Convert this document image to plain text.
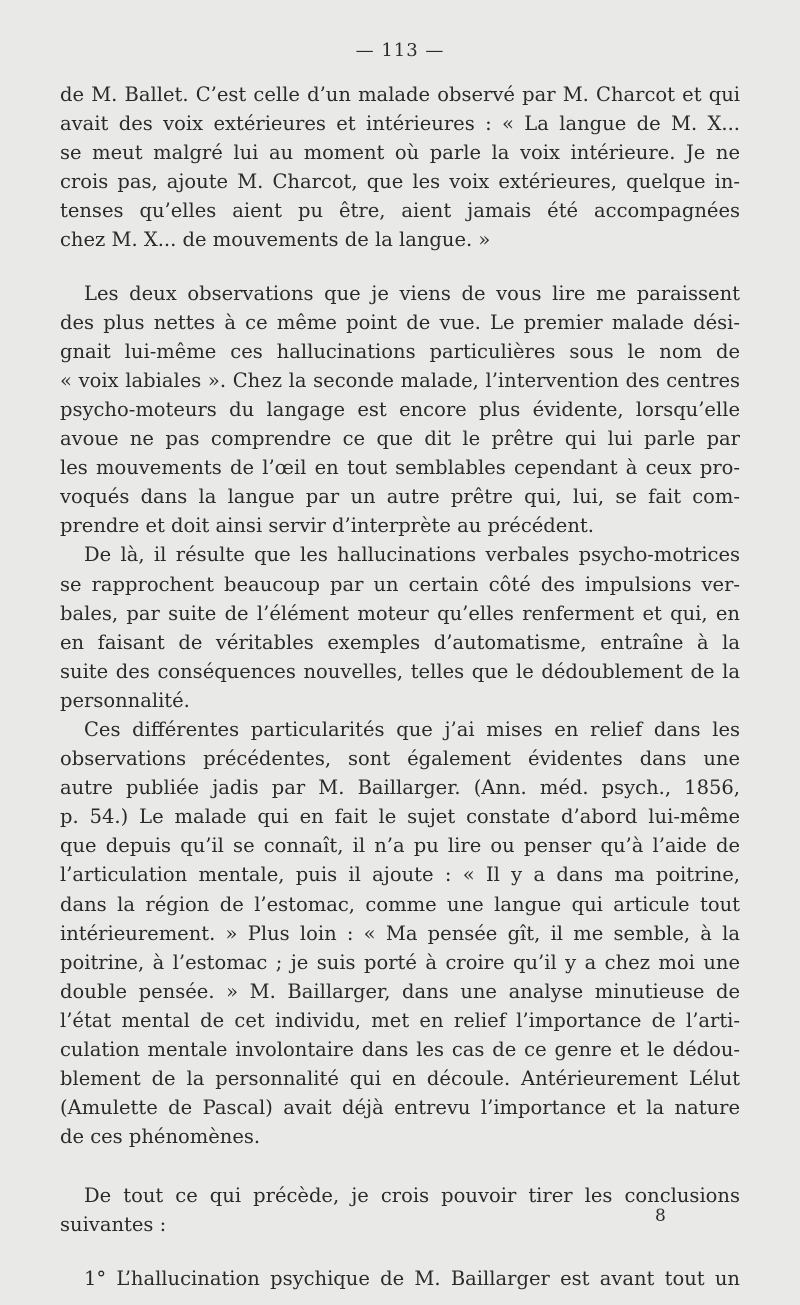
— 113 —

de M. Ballet. C’est celle d’un malade observé par M. Charcot et qui
avait des voix extérieures et intérieures : « La langue de M. X...
se meut malgré lui au moment où parle la voix intérieure. Je ne
crois pas, ajoute M. Charcot, que les voix extérieures, quelque in-
tenses qu’elles aient pu être, aient jamais été accompagnées
chez M. X... de mouvements de la langue. »

Les deux observations que je viens de vous lire me paraissent
des plus nettes à ce même point de vue. Le premier malade dési-
gnait lui-même ces hallucinations particulières sous le nom de
« voix labiales ». Chez la seconde malade, l’intervention des centres
psycho-moteurs du langage est encore plus évidente, lorsqu’elle
avoue ne pas comprendre ce que dit le prêtre qui lui parle par
les mouvements de l’œil en tout semblables cependant à ceux pro-
voqués dans la langue par un autre prêtre qui, lui, se fait com-
prendre et doit ainsi servir d’interprète au précédent.

De là, il résulte que les hallucinations verbales psycho-motrices
se rapprochent beaucoup par un certain côté des impulsions ver-
bales, par suite de l’élément moteur qu’elles renferment et qui, en
en faisant de véritables exemples d’automatisme, entraîne à la
suite des conséquences nouvelles, telles que le dédoublement de la
personnalité.

Ces différentes particularités que j’ai mises en relief dans les
observations précédentes, sont également évidentes dans une
autre publiée jadis par M. Baillarger. (Ann. méd. psych., 1856,
p. 54.) Le malade qui en fait le sujet constate d’abord lui-même
que depuis qu’il se connaît, il n’a pu lire ou penser qu’à l’aide de
l’articulation mentale, puis il ajoute : « Il y a dans ma poitrine,
dans la région de l’estomac, comme une langue qui articule tout
intérieurement. » Plus loin : « Ma pensée gît, il me semble, à la
poitrine, à l’estomac ; je suis porté à croire qu’il y a chez moi une
double pensée. » M. Baillarger, dans une analyse minutieuse de
l’état mental de cet individu, met en relief l’importance de l’arti-
culation mentale involontaire dans les cas de ce genre et le dédou-
blement de la personnalité qui en découle. Antérieurement Lélut
(Amulette de Pascal) avait déjà entrevu l’importance et la nature
de ces phénomènes.

De tout ce qui précède, je crois pouvoir tirer les conclusions
suivantes :

1° L’hallucination psychique de M. Baillarger est avant tout un

8
